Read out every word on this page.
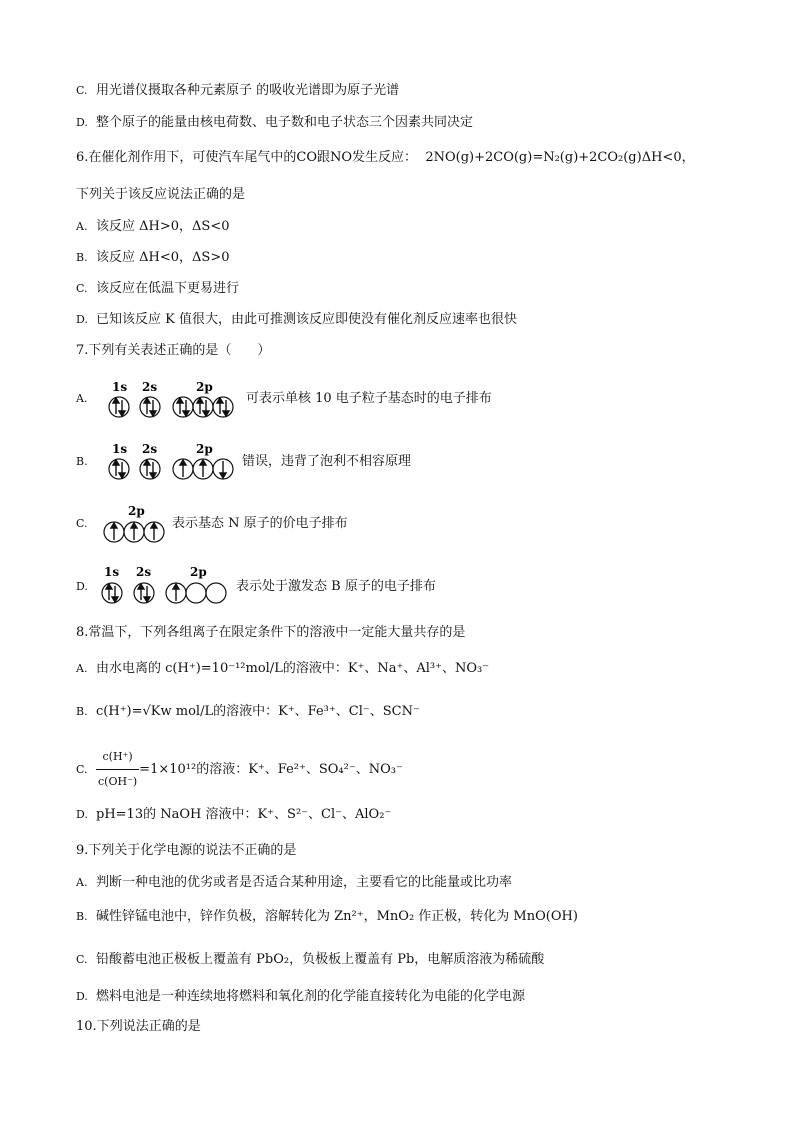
C. 用光谱仪摄取各种元素原子 的吸收光谱即为原子光谱
D. 整个原子的能量由核电荷数、电子数和电子状态三个因素共同决定
6.在催化剂作用下，可使汽车尾气中的CO跟NO发生反应： 2NO(g)+2CO(g)=N₂(g)+2CO₂(g)ΔH<0，
下列关于该反应说法正确的是
A. 该反应 ΔH>0，ΔS<0
B. 该反应 ΔH<0，ΔS>0
C. 该反应在低温下更易进行
D. 已知该反应 K 值很大，由此可推测该反应即使没有催化剂反应速率也很快
7.下列有关表述正确的是（　　）
A.
1s 2s	2p
可表示单核 10 电子粒子基态时的电子排布
B.
1s 2s	2p
错误，违背了泡利不相容原理
C.
2p
表示基态 N 原子的价电子排布
D.
1s 2s	2p
表示处于激发态 B 原子的电子排布
8.常温下，下列各组离子在限定条件下的溶液中一定能大量共存的是
A. 由水电离的 c(H⁺)=10⁻¹²mol/L的溶液中：K⁺、Na⁺、Al³⁺、NO₃⁻
B. c(H⁺)=√Kw mol/L的溶液中：K⁺、Fe³⁺、Cl⁻、SCN⁻
C. $\frac{c(H^+)}{c(OH^-)} =1\times 10^{12}$的溶液：K⁺、Fe²⁺、SO₄²⁻、NO₃⁻
D. pH=13的 NaOH 溶液中：K⁺、S²⁻、Cl⁻、AlO₂⁻
9.下列关于化学电源的说法不正确的是
A. 判断一种电池的优劣或者是否适合某种用途，主要看它的比能量或比功率
B. 碱性锌锰电池中，锌作负极，溶解转化为 Zn²⁺，MnO₂ 作正极，转化为 MnO(OH)
C. 铅酸蓄电池正极板上覆盖有 PbO₂，负极板上覆盖有 Pb，电解质溶液为稀硫酸
D. 燃料电池是一种连续地将燃料和氧化剂的化学能直接转化为电能的化学电源
10.下列说法正确的是
